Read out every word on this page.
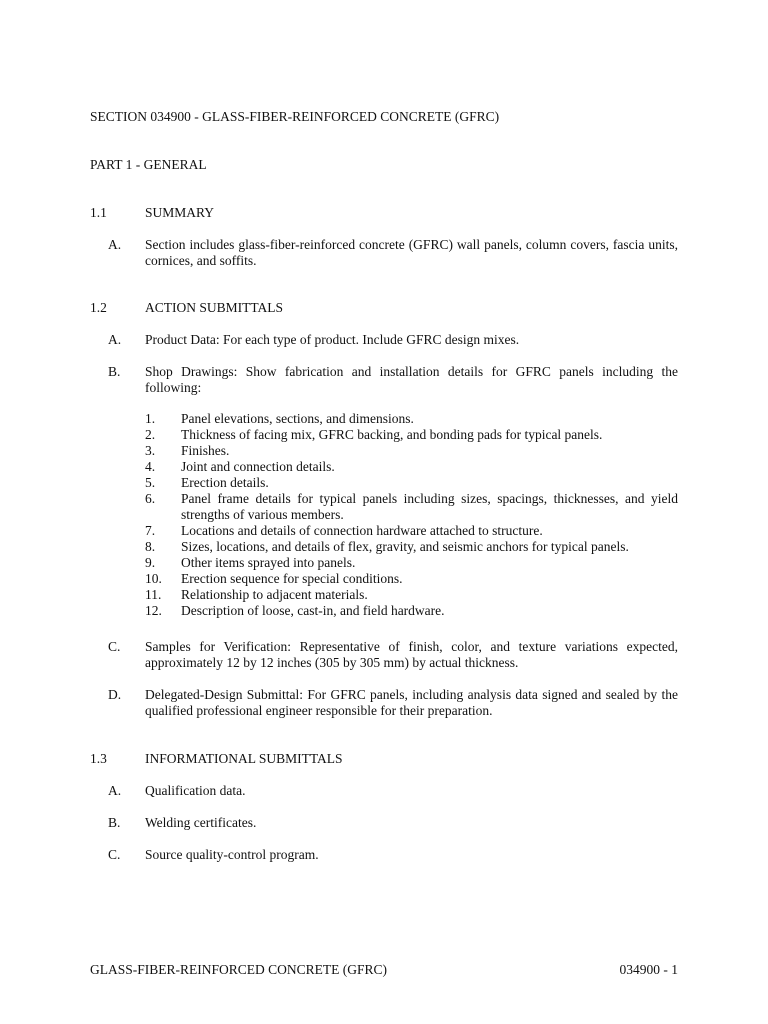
SECTION 034900 - GLASS-FIBER-REINFORCED CONCRETE (GFRC)
PART 1 - GENERAL
1.1	SUMMARY
A. Section includes glass-fiber-reinforced concrete (GFRC) wall panels, column covers, fascia units, cornices, and soffits.
1.2	ACTION SUBMITTALS
A. Product Data: For each type of product. Include GFRC design mixes.
B. Shop Drawings: Show fabrication and installation details for GFRC panels including the following:
1. Panel elevations, sections, and dimensions.
2. Thickness of facing mix, GFRC backing, and bonding pads for typical panels.
3. Finishes.
4. Joint and connection details.
5. Erection details.
6. Panel frame details for typical panels including sizes, spacings, thicknesses, and yield strengths of various members.
7. Locations and details of connection hardware attached to structure.
8. Sizes, locations, and details of flex, gravity, and seismic anchors for typical panels.
9. Other items sprayed into panels.
10. Erection sequence for special conditions.
11. Relationship to adjacent materials.
12. Description of loose, cast-in, and field hardware.
C. Samples for Verification: Representative of finish, color, and texture variations expected, approximately 12 by 12 inches (305 by 305 mm) by actual thickness.
D. Delegated-Design Submittal: For GFRC panels, including analysis data signed and sealed by the qualified professional engineer responsible for their preparation.
1.3	INFORMATIONAL SUBMITTALS
A. Qualification data.
B. Welding certificates.
C. Source quality-control program.
GLASS-FIBER-REINFORCED CONCRETE (GFRC)	034900 - 1
